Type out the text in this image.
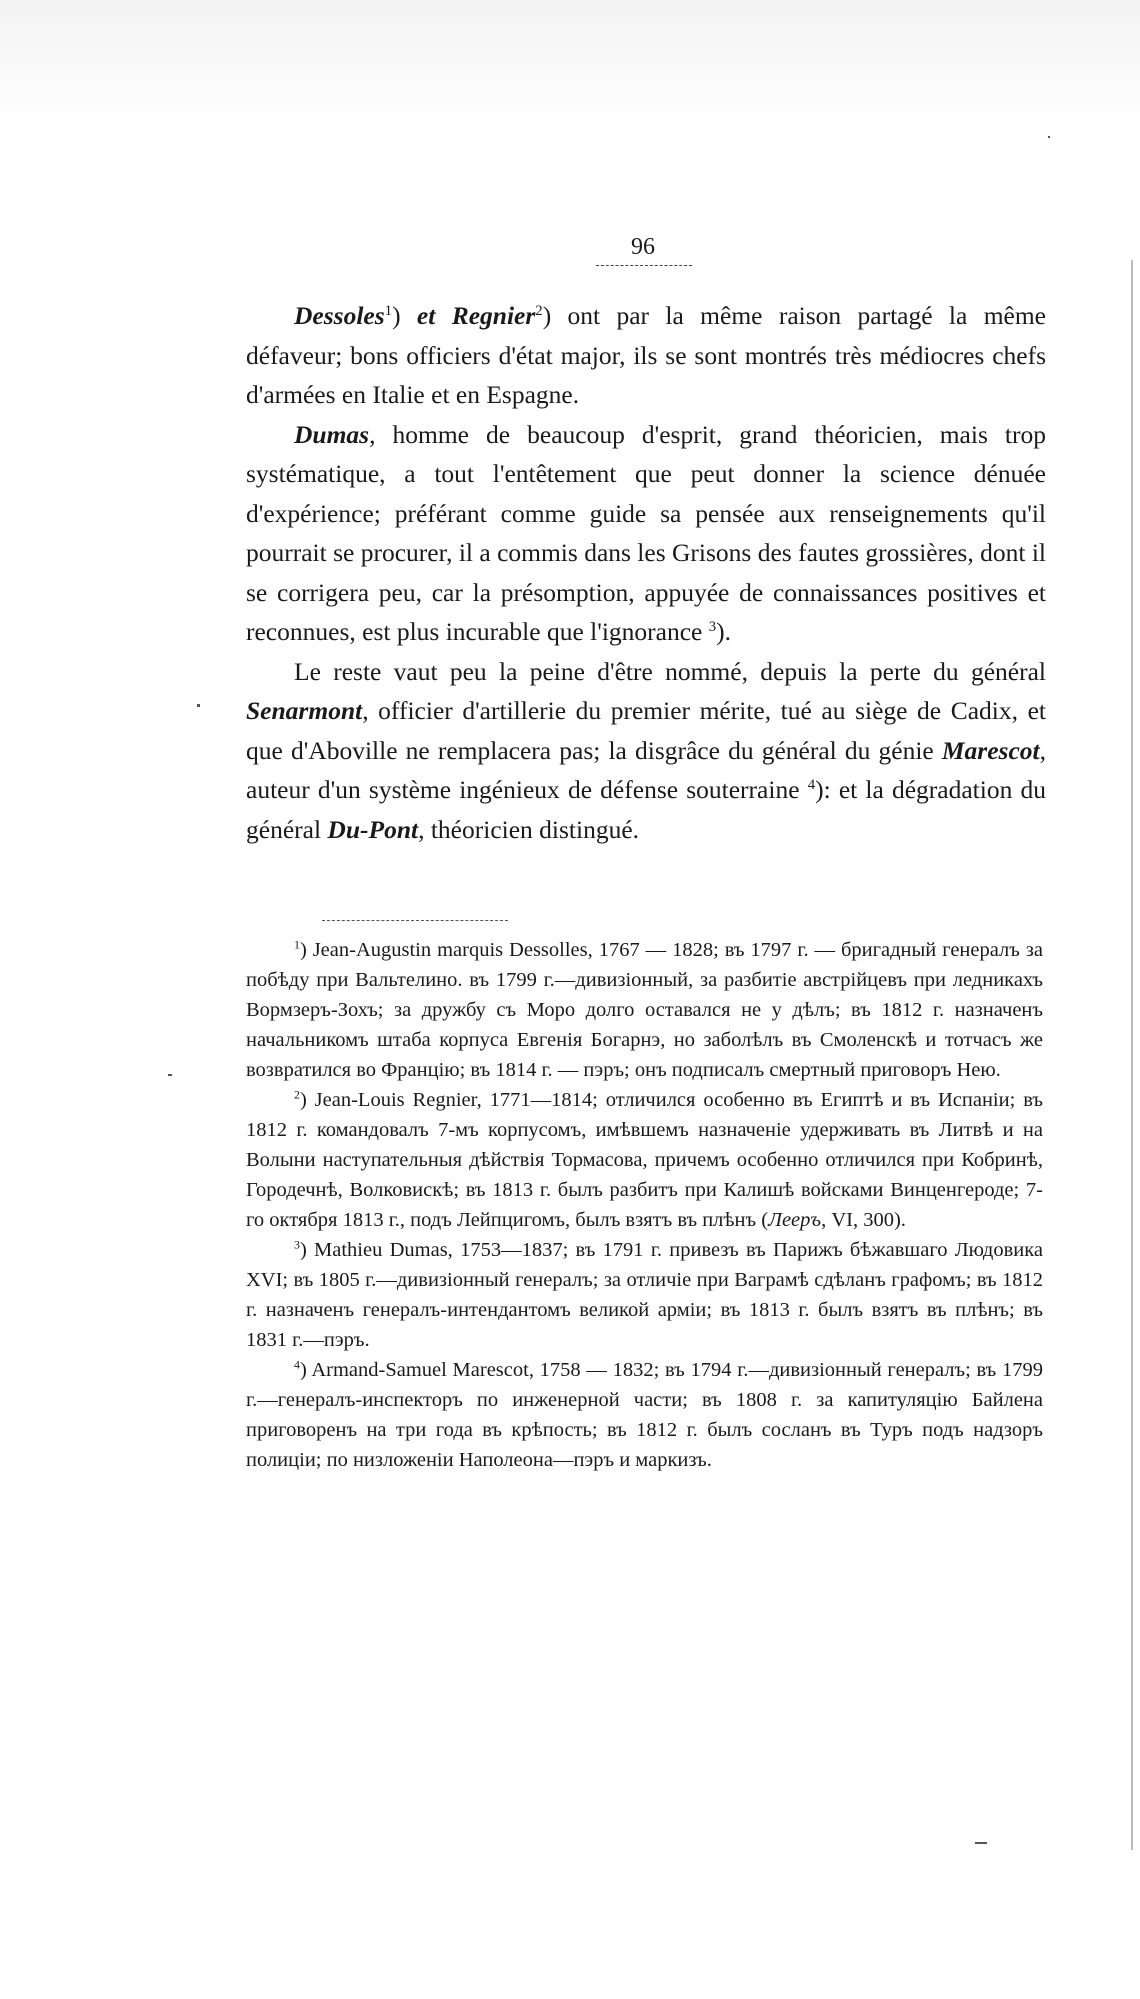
96

Dessoles$^1$) et Regnier$^2$) ont par la même raison partagé la même défaveur; bons officiers d'état major, ils se sont montrés très médiocres chefs d'armées en Italie et en Espagne.

Dumas, homme de beaucoup d'esprit, grand théoricien, mais trop systématique, a tout l'entêtement que peut donner la science dénuée d'expérience; préférant comme guide sa pensée aux renseignements qu'il pourrait se procurer, il a commis dans les Grisons des fautes grossières, dont il se corrigera peu, car la présomption, appuyée de connaissances positives et reconnues, est plus incurable que l'ignorance $^3$).

Le reste vaut peu la peine d'être nommé, depuis la perte du général Senarmont, officier d'artillerie du premier mérite, tué au siège de Cadix, et que d'Aboville ne remplacera pas; la disgrâce du général du génie Marescot, auteur d'un système ingénieux de défense souterraine $^4$): et la dégradation du général Du-Pont, théoricien distingué.

$^1$) Jean-Augustin marquis Dessolles, 1767 — 1828; въ 1797 г. — бригадный генералъ за побѣду при Вальтелино. въ 1799 г.—дивизіонный, за разбитіе австрійцевъ при ледникахъ Вормзеръ-Зохъ; за дружбу съ Моро долго оставался не у дѣлъ; въ 1812 г. назначенъ начальникомъ штаба корпуса Евгенія Богарнэ, но заболѣлъ въ Смоленскѣ и тотчасъ же возвратился во Францію; въ 1814 г. — пэръ; онъ подписалъ смертный приговоръ Нею.

$^2$) Jean-Louis Regnier, 1771—1814; отличился особенно въ Египтѣ и въ Испаніи; въ 1812 г. командовалъ 7-мъ корпусомъ, имѣвшемъ назначеніе удерживать въ Литвѣ и на Волыни наступательныя дѣйствія Тормасова, причемъ особенно отличился при Кобринѣ, Городечнѣ, Волковискѣ; въ 1813 г. былъ разбитъ при Калишѣ войсками Винценгероде; 7-го октября 1813 г., подъ Лейпцигомъ, былъ взятъ въ плѣнъ (Лееръ, VI, 300).

$^3$) Mathieu Dumas, 1753—1837; въ 1791 г. привезъ въ Парижъ бѣжавшаго Людовика XVI; въ 1805 г.—дивизіонный генералъ; за отличіе при Ваграмѣ сдѣланъ графомъ; въ 1812 г. назначенъ генералъ-интендантомъ великой арміи; въ 1813 г. былъ взятъ въ плѣнъ; въ 1831 г.—пэръ.

$^4$) Armand-Samuel Marescot, 1758 — 1832; въ 1794 г.—дивизіонный генералъ; въ 1799 г.—генералъ-инспекторъ по инженерной части; въ 1808 г. за капитуляцію Байлена приговоренъ на три года въ крѣпость; въ 1812 г. былъ сосланъ въ Туръ подъ надзоръ полиціи; по низложеніи Наполеона—пэръ и маркизъ.
